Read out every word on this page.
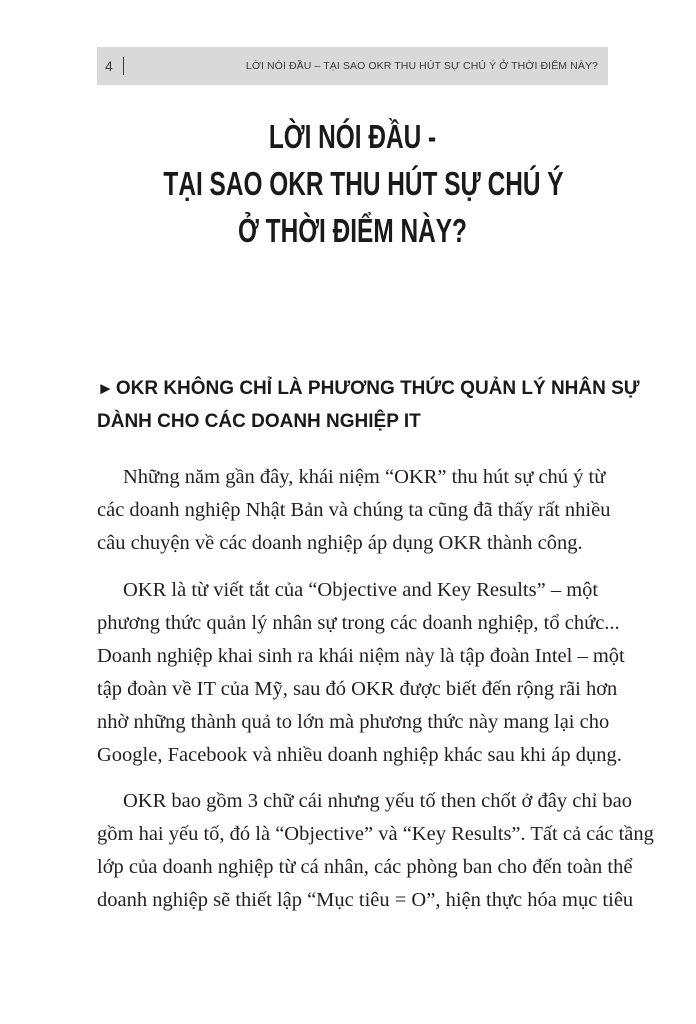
4	LỜI NÓI ĐẦU – TẠI SAO OKR THU HÚT SỰ CHÚ Ý Ở THỜI ĐIỂM NÀY?
LỜI NÓI ĐẦU -
TẠI SAO OKR THU HÚT SỰ CHÚ Ý
Ở THỜI ĐIỂM NÀY?
► OKR KHÔNG CHỈ LÀ PHƯƠNG THỨC QUẢN LÝ NHÂN SỰ
DÀNH CHO CÁC DOANH NGHIỆP IT
Những năm gần đây, khái niệm “OKR” thu hút sự chú ý từ
các doanh nghiệp Nhật Bản và chúng ta cũng đã thấy rất nhiều
câu chuyện về các doanh nghiệp áp dụng OKR thành công.
OKR là từ viết tắt của “Objective and Key Results” – một
phương thức quản lý nhân sự trong các doanh nghiệp, tổ chức...
Doanh nghiệp khai sinh ra khái niệm này là tập đoàn Intel – một
tập đoàn về IT của Mỹ, sau đó OKR được biết đến rộng rãi hơn
nhờ những thành quả to lớn mà phương thức này mang lại cho
Google, Facebook và nhiều doanh nghiệp khác sau khi áp dụng.
OKR bao gồm 3 chữ cái nhưng yếu tố then chốt ở đây chỉ bao
gồm hai yếu tố, đó là “Objective” và “Key Results”. Tất cả các tầng
lớp của doanh nghiệp từ cá nhân, các phòng ban cho đến toàn thể
doanh nghiệp sẽ thiết lập “Mục tiêu = O”, hiện thực hóa mục tiêu
